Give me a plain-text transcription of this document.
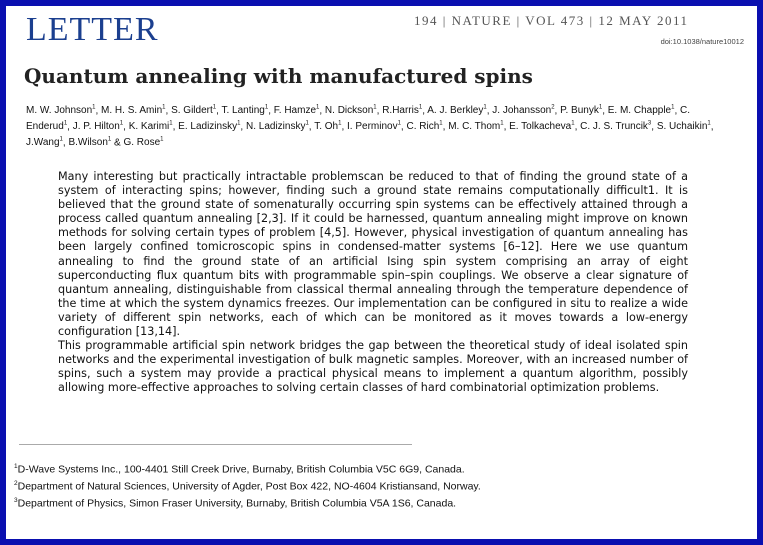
LETTER	194 | NATURE | VOL 473 | 12 MAY 2011
doi:10.1038/nature10012
Quantum annealing with manufactured spins
M. W. Johnson$^1$, M. H. S. Amin$^1$, S. Gildert$^1$, T. Lanting$^1$, F. Hamze$^1$, N. Dickson$^1$, R.Harris$^1$, A. J. Berkley$^1$, J. Johansson$^2$, P. Bunyk$^1$, E. M. Chapple$^1$, C. Enderud$^1$, J. P. Hilton$^1$, K. Karimi$^1$, E. Ladizinsky$^1$, N. Ladizinsky$^1$, T. Oh$^1$, I. Perminov$^1$, C. Rich$^1$, M. C. Thom$^1$, E. Tolkacheva$^1$, C. J. S. Truncik$^3$, S. Uchaikin$^1$, J.Wang$^1$, B.Wilson$^1$ & G. Rose$^1$

Many interesting but practically intractable problemscan be reduced to that of finding the ground state of a system of interacting spins; however, finding such a ground state remains computationally difficult1. It is believed that the ground state of somenaturally occurring spin systems can be effectively attained through a process called quantum annealing [2,3]. If it could be harnessed, quantum annealing might improve on known methods for solving certain types of problem [4,5]. However, physical investigation of quantum annealing has been largely confined tomicroscopic spins in condensed-matter systems [6–12]. Here we use quantum annealing to find the ground state of an artificial Ising spin system comprising an array of eight superconducting flux quantum bits with programmable spin–spin couplings. We observe a clear signature of quantum annealing, distinguishable from classical thermal annealing through the temperature dependence of the time at which the system dynamics freezes. Our implementation can be configured in situ to realize a wide variety of different spin networks, each of which can be monitored as it moves towards a low-energy configuration [13,14].

This programmable artificial spin network bridges the gap between the theoretical study of ideal isolated spin networks and the experimental investigation of bulk magnetic samples. Moreover, with an increased number of spins, such a system may provide a practical physical means to implement a quantum algorithm, possibly allowing more-effective approaches to solving certain classes of hard combinatorial optimization problems.

$^1$D-Wave Systems Inc., 100-4401 Still Creek Drive, Burnaby, British Columbia V5C 6G9, Canada.
$^2$Department of Natural Sciences, University of Agder, Post Box 422, NO-4604 Kristiansand, Norway.
$^3$Department of Physics, Simon Fraser University, Burnaby, British Columbia V5A 1S6, Canada.
